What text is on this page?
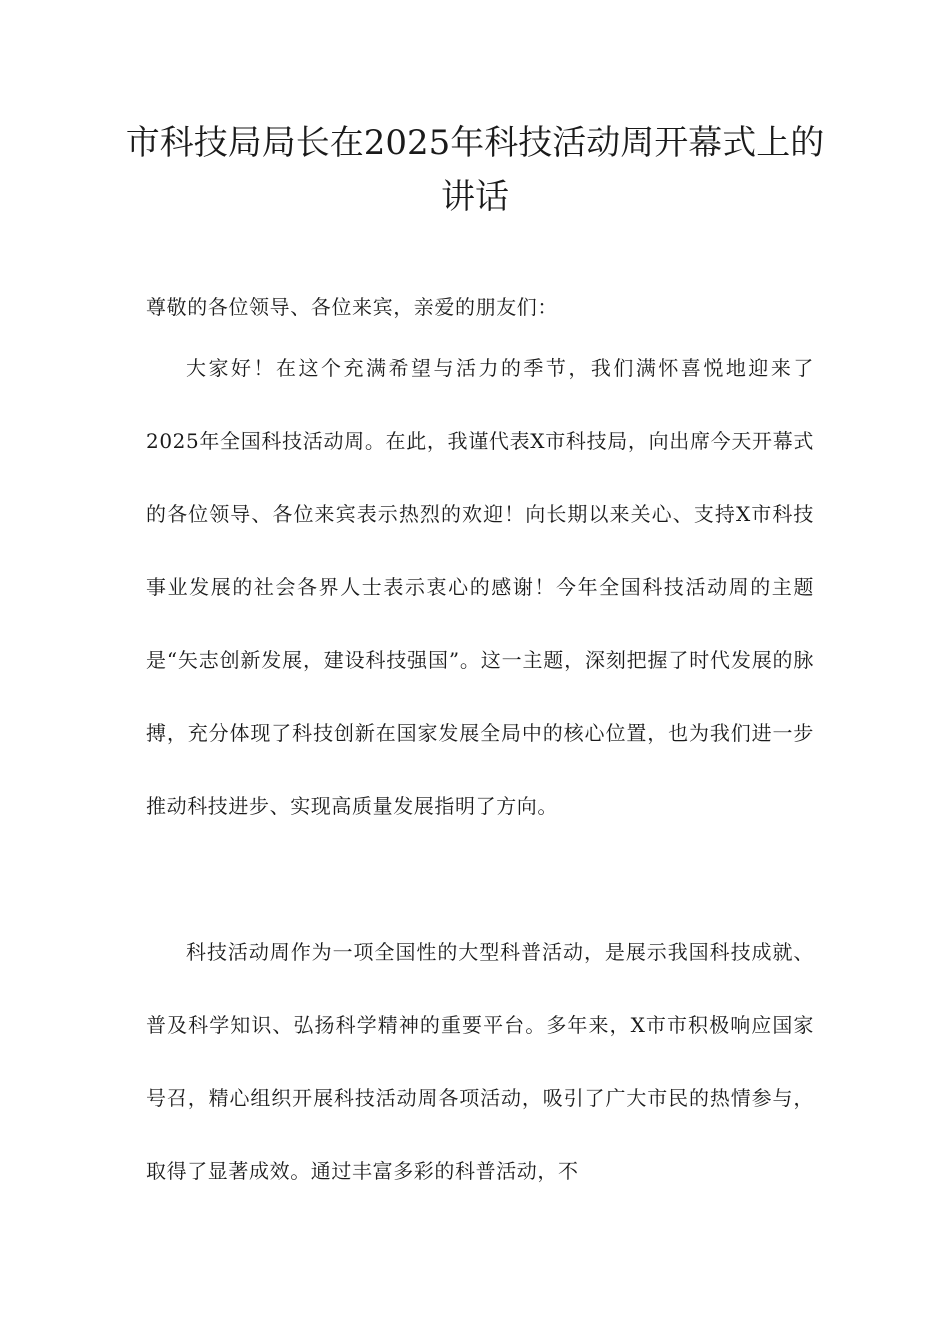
市科技局局长在2025年科技活动周开幕式上的讲话
尊敬的各位领导、各位来宾，亲爱的朋友们：

大家好！在这个充满希望与活力的季节，我们满怀喜悦地迎来了2025年全国科技活动周。在此，我谨代表X市科技局，向出席今天开幕式的各位领导、各位来宾表示热烈的欢迎！向长期以来关心、支持X市科技事业发展的社会各界人士表示衷心的感谢！今年全国科技活动周的主题是“矢志创新发展，建设科技强国”。这一主题，深刻把握了时代发展的脉搏，充分体现了科技创新在国家发展全局中的核心位置，也为我们进一步推动科技进步、实现高质量发展指明了方向。

科技活动周作为一项全国性的大型科普活动，是展示我国科技成就、普及科学知识、弘扬科学精神的重要平台。多年来，X市市积极响应国家号召，精心组织开展科技活动周各项活动，吸引了广大市民的热情参与，取得了显著成效。通过丰富多彩的科普活动，不
